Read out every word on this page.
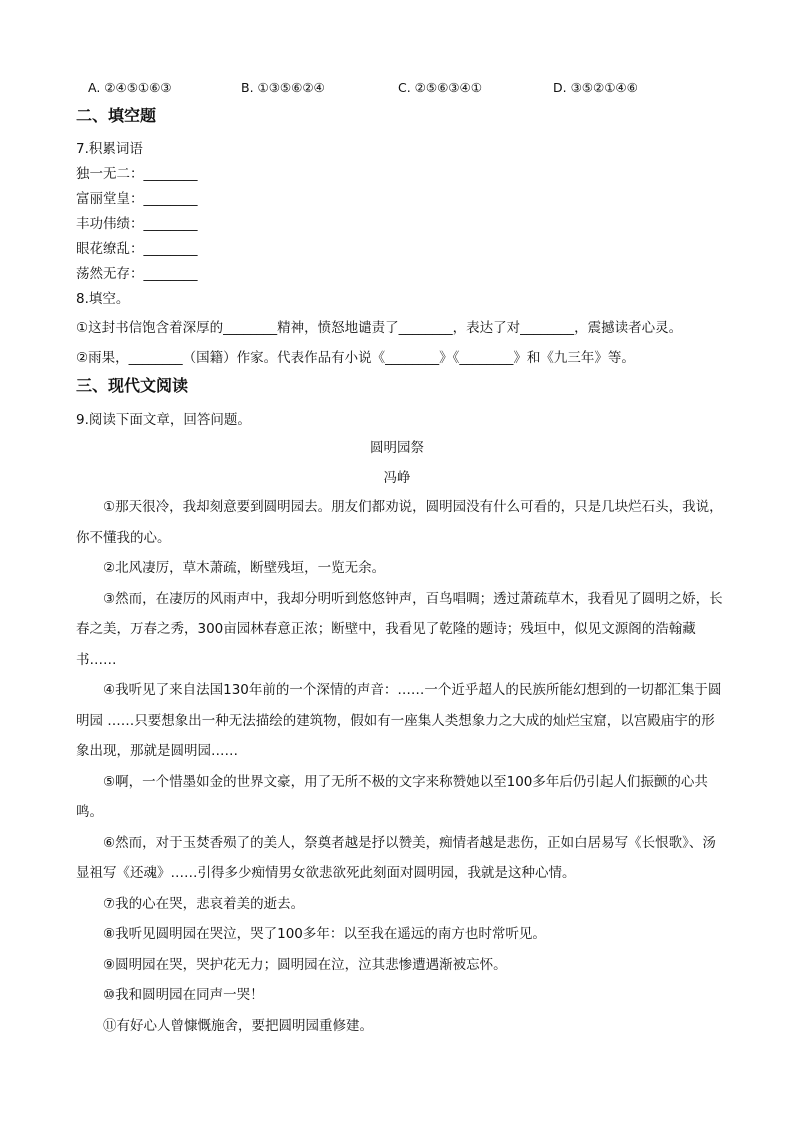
A. ②④⑤①⑥③	B. ①③⑤⑥②④	C. ②⑤⑥③④①	D. ③⑤②①④⑥
二、填空题
7.积累词语
独一无二：________
富丽堂皇：________
丰功伟绩：________
眼花缭乱：________
荡然无存：________
8.填空。
①这封书信饱含着深厚的________精神，愤怒地谴责了________，表达了对________，震撼读者心灵。
②雨果，________（国籍）作家。代表作品有小说《________》《________》和《九三年》等。
三、现代文阅读
9.阅读下面文章，回答问题。
圆明园祭
冯峥

①那天很冷，我却刻意要到圆明园去。朋友们都劝说，圆明园没有什么可看的，只是几块烂石头，我说，你不懂我的心。

②北风凄厉，草木萧疏，断壁残垣，一览无余。

③然而，在凄厉的风雨声中，我却分明听到悠悠钟声，百鸟唱啁；透过萧疏草木，我看见了圆明之娇，长春之美，万春之秀，300亩园林春意正浓；断壁中，我看见了乾隆的题诗；残垣中，似见文源阁的浩翰藏书……

④我听见了来自法国130年前的一个深情的声音：……一个近乎超人的民族所能幻想到的一切都汇集于圆明园 ……只要想象出一种无法描绘的建筑物，假如有一座集人类想象力之大成的灿烂宝窟，以宫殿庙宇的形象出现，那就是圆明园……

⑤啊，一个惜墨如金的世界文豪，用了无所不极的文字来称赞她以至100多年后仍引起人们振颤的心共鸣。

⑥然而，对于玉焚香殒了的美人，祭奠者越是抒以赞美，痴情者越是悲伤，正如白居易写《长恨歌》、汤显祖写《还魂》……引得多少痴情男女欲悲欲死此刻面对圆明园，我就是这种心情。

⑦我的心在哭，悲哀着美的逝去。

⑧我听见圆明园在哭泣，哭了100多年：以至我在遥远的南方也时常听见。

⑨圆明园在哭，哭护花无力；圆明园在泣，泣其悲惨遭遇渐被忘怀。

⑩我和圆明园在同声一哭！

⑪有好心人曾慷慨施舍，要把圆明园重修建。
